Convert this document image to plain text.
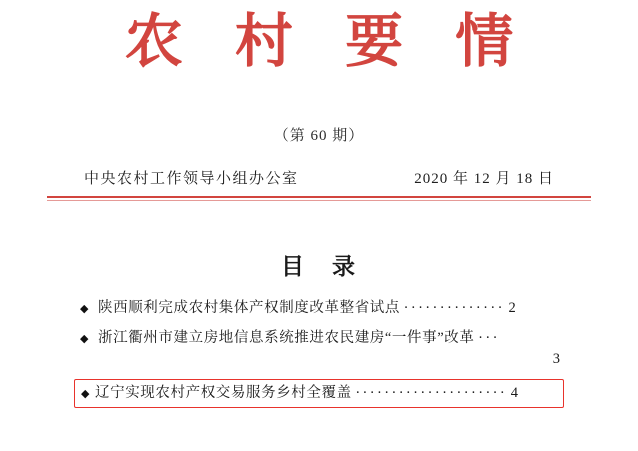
农 村 要 情
（第 60 期）
中央农村工作领导小组办公室	2020 年 12 月 18 日
目 录
◆ 陕西顺利完成农村集体产权制度改革整省试点 ·············· 2
◆ 浙江衢州市建立房地信息系统推进农民建房“一件事”改革 ···
3
◆ 辽宁实现农村产权交易服务乡村全覆盖 ····················· 4
